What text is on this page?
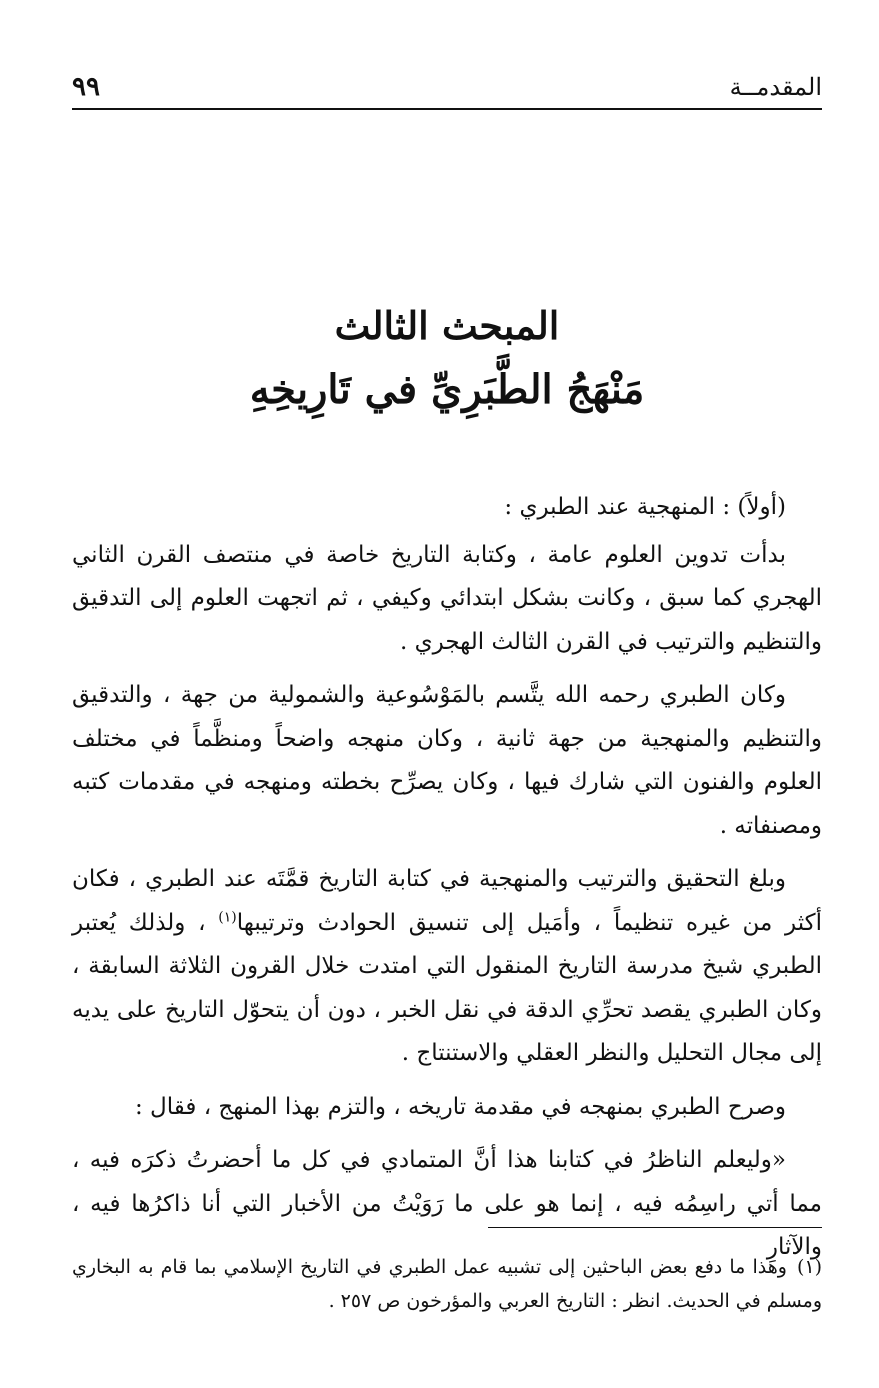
المقدمــة
٩٩
المبحث الثالث
مَنْهَجُ الطَّبَرِيِّ في تَارِيخِهِ

(أولاً) : المنهجية عند الطبري :

بدأت تدوين العلوم عامة ، وكتابة التاريخ خاصة في منتصف القرن الثاني الهجري كما سبق ، وكانت بشكل ابتدائي وكيفي ، ثم اتجهت العلوم إلى التدقيق والتنظيم والترتيب في القرن الثالث الهجري .

وكان الطبري رحمه الله يتَّسم بالمَوْسُوعية والشمولية من جهة ، والتدقيق والتنظيم والمنهجية من جهة ثانية ، وكان منهجه واضحاً ومنظَّماً في مختلف العلوم والفنون التي شارك فيها ، وكان يصرِّح بخطته ومنهجه في مقدمات كتبه ومصنفاته .

وبلغ التحقيق والترتيب والمنهجية في كتابة التاريخ قمَّتَه عند الطبري ، فكان أكثر من غيره تنظيماً ، وأمَيل إلى تنسيق الحوادث وترتيبها$^{(١)}$ ، ولذلك يُعتبر الطبري شيخ مدرسة التاريخ المنقول التي امتدت خلال القرون الثلاثة السابقة ، وكان الطبري يقصد تحرِّي الدقة في نقل الخبر ، دون أن يتحوّل التاريخ على يديه إلى مجال التحليل والنظر العقلي والاستنتاج .

وصرح الطبري بمنهجه في مقدمة تاريخه ، والتزم بهذا المنهج ، فقال :

«وليعلم الناظرُ في كتابنا هذا أنَّ المتمادي في كل ما أحضرتُ ذكرَه فيه ، مما أتي راسِمُه فيه ، إنما هو على ما رَوَيْتُ من الأخبار التي أنا ذاكرُها فيه ، والآثارِ

(١)وهذا ما دفع بعض الباحثين إلى تشبيه عمل الطبري في التاريخ الإسلامي بما قام به البخاري ومسلم في الحديث. انظر : التاريخ العربي والمؤرخون ص ٢٥٧ .
